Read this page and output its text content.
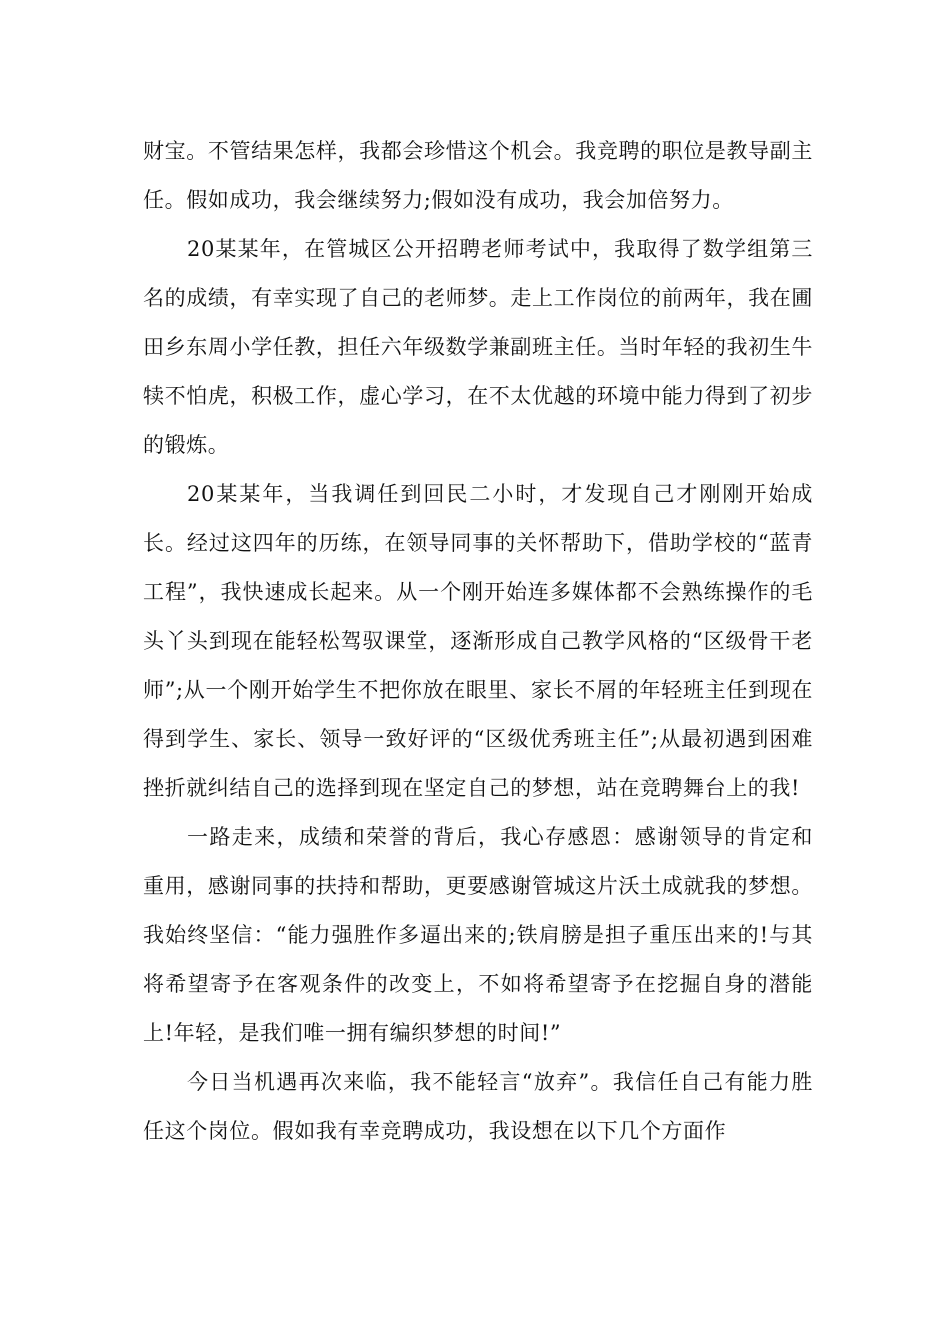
财宝。不管结果怎样，我都会珍惜这个机会。我竞聘的职位是教导副主任。假如成功，我会继续努力;假如没有成功，我会加倍努力。

20某某年，在管城区公开招聘老师考试中，我取得了数学组第三名的成绩，有幸实现了自己的老师梦。走上工作岗位的前两年，我在圃田乡东周小学任教，担任六年级数学兼副班主任。当时年轻的我初生牛犊不怕虎，积极工作，虚心学习，在不太优越的环境中能力得到了初步的锻炼。

20某某年，当我调任到回民二小时，才发现自己才刚刚开始成长。经过这四年的历练，在领导同事的关怀帮助下，借助学校的“蓝青工程”，我快速成长起来。从一个刚开始连多媒体都不会熟练操作的毛头丫头到现在能轻松驾驭课堂，逐渐形成自己教学风格的“区级骨干老师”;从一个刚开始学生不把你放在眼里、家长不屑的年轻班主任到现在得到学生、家长、领导一致好评的“区级优秀班主任”;从最初遇到困难挫折就纠结自己的选择到现在坚定自己的梦想，站在竞聘舞台上的我!

一路走来，成绩和荣誉的背后，我心存感恩：感谢领导的肯定和重用，感谢同事的扶持和帮助，更要感谢管城这片沃土成就我的梦想。我始终坚信：“能力强胜作多逼出来的;铁肩膀是担子重压出来的!与其将希望寄予在客观条件的改变上，不如将希望寄予在挖掘自身的潜能上!年轻，是我们唯一拥有编织梦想的时间!”

今日当机遇再次来临，我不能轻言“放弃”。我信任自己有能力胜任这个岗位。假如我有幸竞聘成功，我设想在以下几个方面作
